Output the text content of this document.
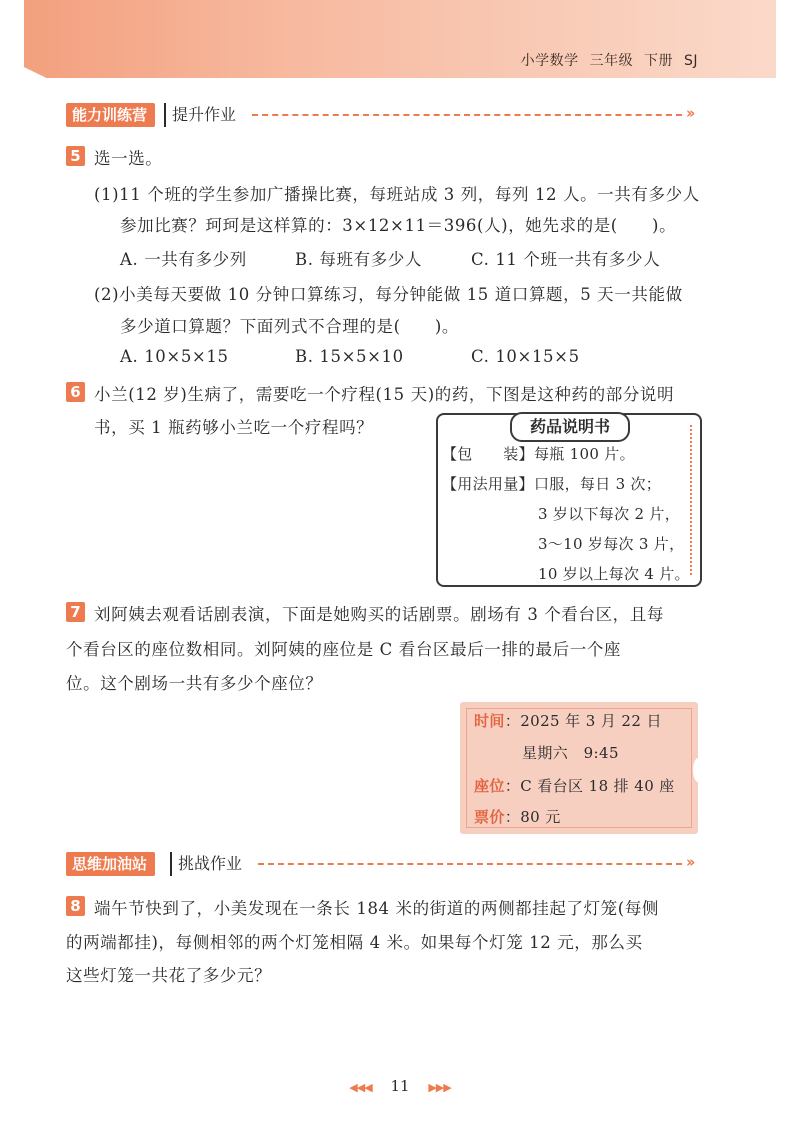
小学数学 三年级 下册 SJ
能力训练营	提升作业	››
5 选一选。
(1)11 个班的学生参加广播操比赛，每班站成 3 列，每列 12 人。一共有多少人
参加比赛？珂珂是这样算的：3×12×11＝396(人)，她先求的是(　　)。
A. 一共有多少列	B. 每班有多少人	C. 11 个班一共有多少人
(2)小美每天要做 10 分钟口算练习，每分钟能做 15 道口算题，5 天一共能做
多少道口算题？下面列式不合理的是(　　)。
A. 10×5×15	B. 15×5×10	C. 10×15×5
6 小兰(12 岁)生病了，需要吃一个疗程(15 天)的药，下图是这种药的部分说明
书，买 1 瓶药够小兰吃一个疗程吗？	药品说明书
【包　　装】 每瓶 100 片。
【用法用量】 口服，每日 3 次；
3 岁以下每次 2 片，
3～10 岁每次 3 片，
10 岁以上每次 4 片。
7 刘阿姨去观看话剧表演，下面是她购买的话剧票。剧场有 3 个看台区，且每
个看台区的座位数相同。刘阿姨的座位是 C 看台区最后一排的最后一个座
位。这个剧场一共有多少个座位？
时间：2025 年 3 月 22 日
星期六　9:45
座位：C 看台区 18 排 40 座
票价：80 元
思维加油站	挑战作业	››
8 端午节快到了，小美发现在一条长 184 米的街道的两侧都挂起了灯笼(每侧
的两端都挂)，每侧相邻的两个灯笼相隔 4 米。如果每个灯笼 12 元，那么买
这些灯笼一共花了多少元？
◀◀◀ 11 ▶▶▶
